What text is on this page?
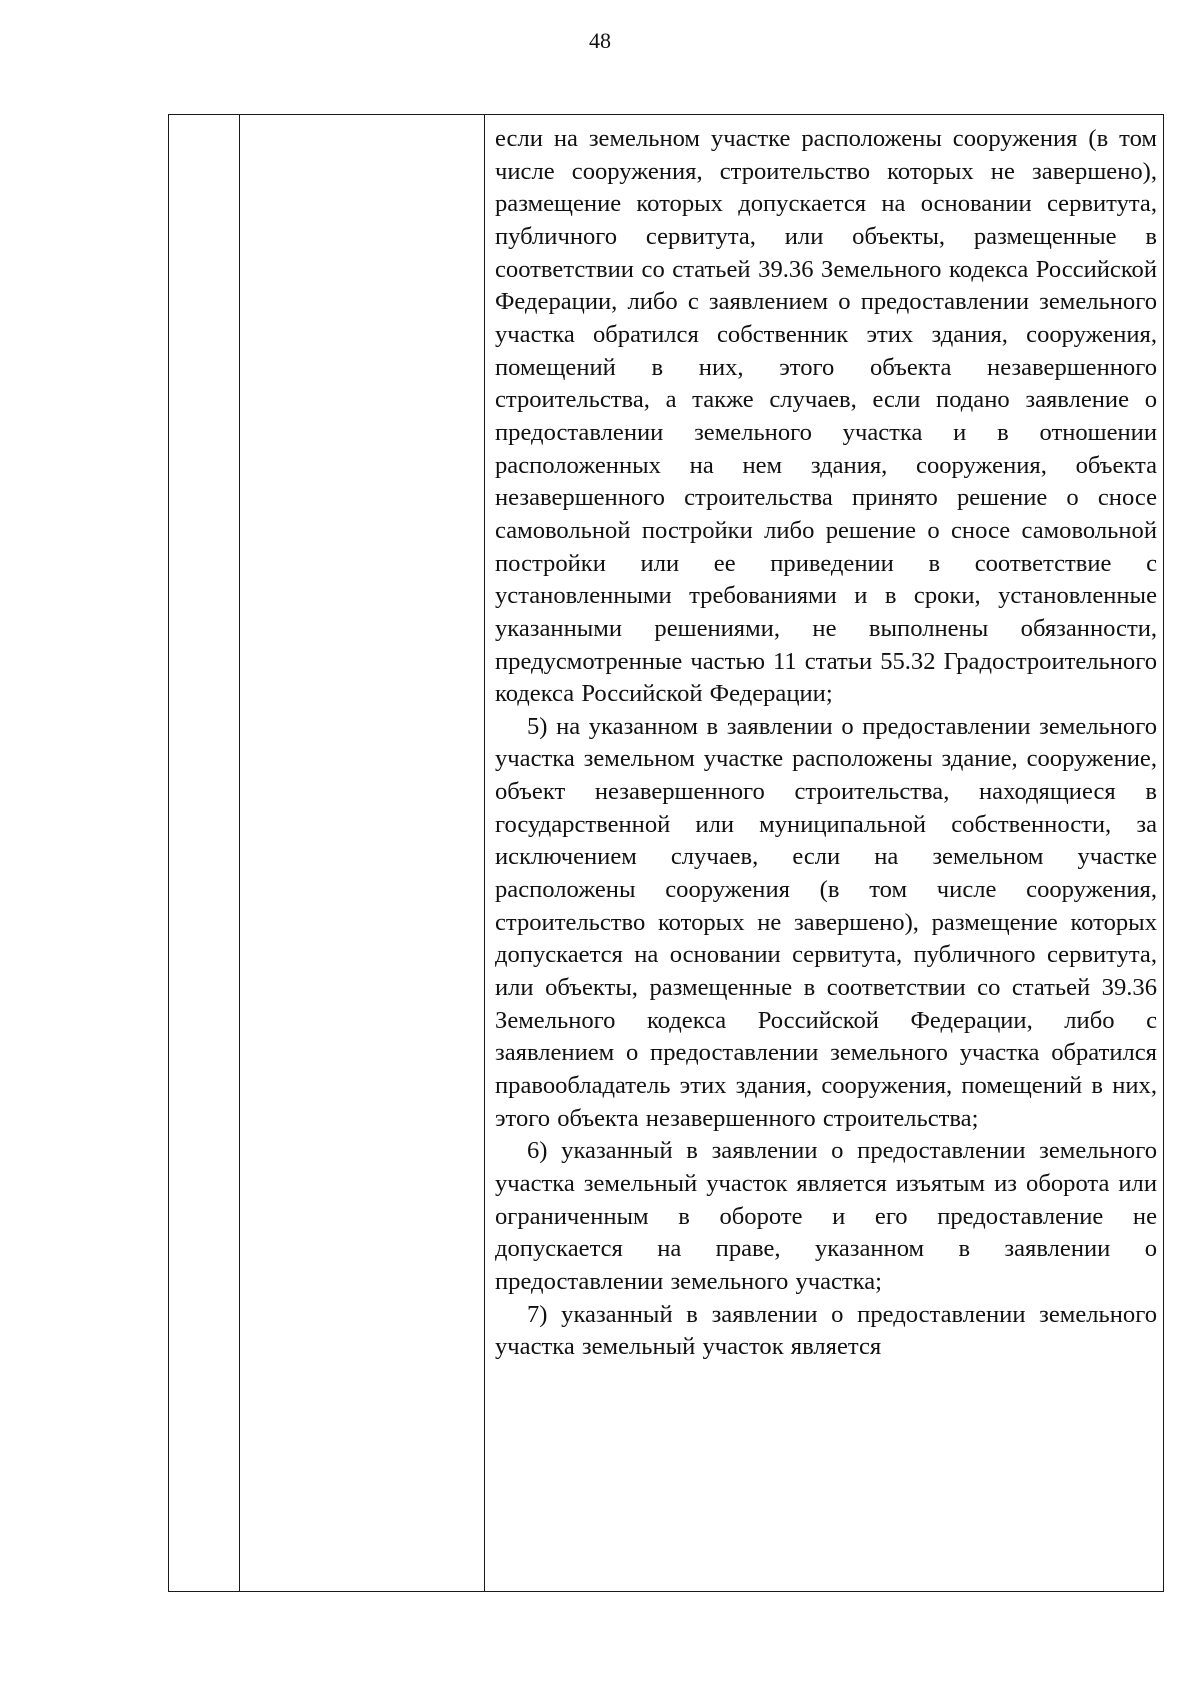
48

если на земельном участке расположены сооружения (в том числе сооружения, строительство которых не завершено), размещение которых допускается на основании сервитута, публичного сервитута, или объекты, размещенные в соответствии со статьей 39.36 Земельного кодекса Российской Федерации, либо с заявлением о предоставлении земельного участка обратился собственник этих здания, сооружения, помещений в них, этого объекта незавершенного строительства, а также случаев, если подано заявление о предоставлении земельного участка и в отношении расположенных на нем здания, сооружения, объекта незавершенного строительства принято решение о сносе самовольной постройки либо решение о сносе самовольной постройки или ее приведении в соответствие с установленными требованиями и в сроки, установленные указанными решениями, не выполнены обязанности, предусмотренные частью 11 статьи 55.32 Градостроительного кодекса Российской Федерации;

5) на указанном в заявлении о предоставлении земельного участка земельном участке расположены здание, сооружение, объект незавершенного строительства, находящиеся в государственной или муниципальной собственности, за исключением случаев, если на земельном участке расположены сооружения (в том числе сооружения, строительство которых не завершено), размещение которых допускается на основании сервитута, публичного сервитута, или объекты, размещенные в соответствии со статьей 39.36 Земельного кодекса Российской Федерации, либо с заявлением о предоставлении земельного участка обратился правообладатель этих здания, сооружения, помещений в них, этого объекта незавершенного строительства;

6) указанный в заявлении о предоставлении земельного участка земельный участок является изъятым из оборота или ограниченным в обороте и его предоставление не допускается на праве, указанном в заявлении о предоставлении земельного участка;

7) указанный в заявлении о предоставлении земельного участка земельный участок является
